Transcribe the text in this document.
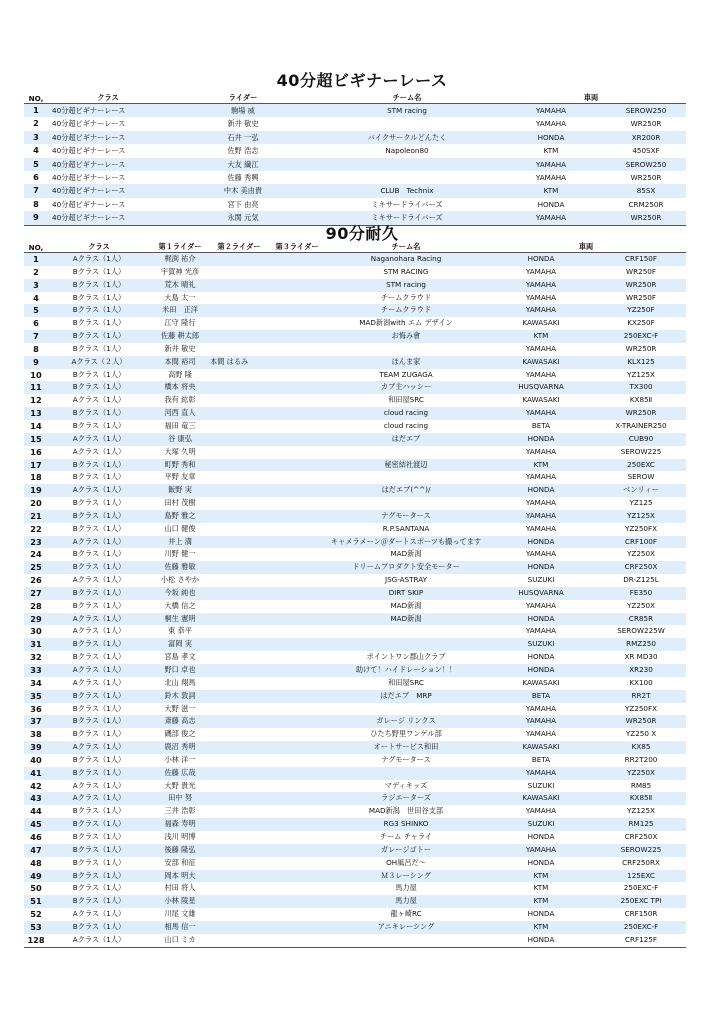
40分超ビギナーレース
NO,	クラス	ライダー	チーム名	車両	
1	40分超ビギナーレース	駒場 威	STM racing	YAMAHA	SEROW250
2	40分超ビギナーレース	新井 敬史		YAMAHA	WR250R
3	40分超ビギナーレース	石井 一弘	バイクサークルどんたく	HONDA	XR200R
4	40分超ビギナーレース	佐野 浩志	Napoleon80	KTM	450SXF
5	40分超ビギナーレース	大友 繊江		YAMAHA	SEROW250
6	40分超ビギナーレース	佐藤 秀興		YAMAHA	WR250R
7	40分超ビギナーレース	中木 美由貴	CLUB　Technix	KTM	85SX
8	40分超ビギナーレース	宮下 由亮	ミキサードライバーズ	HONDA	CRM250R
9	40分超ビギナーレース	永関 元気	ミキサードライバーズ	YAMAHA	WR250R
90分耐久
NO,	クラス	第１ライダー	第２ライダー	第３ライダー	チーム名	車両	
1	Aクラス（1人）	梶渕 祐介			Naganohara Racing	HONDA	CRF150F
2	Bクラス（1人）	宇賀神 光彦			STM RACING	YAMAHA	WR250F
3	Bクラス（1人）	荒木 晴礼			STM racing	YAMAHA	WR250R
4	Bクラス（1人）	大島 太一			チームクラウド	YAMAHA	WR250F
5	Bクラス（1人）	米田　正洋			チームクラウド	YAMAHA	YZ250F
6	Bクラス（1人）	江守 隆行			MAD新潟with エム デザイン	KAWASAKI	KX250F
7	Bクラス（1人）	佐藤 耕太郎			お悔み會	KTM	250EXC-F
8	Bクラス（1人）	新井 敬史				YAMAHA	WR250R
9	Aクラス（２人）	本間 裕司	本間 はるみ		ほんま家	KAWASAKI	KLX125
10	Bクラス（1人）	高野 隆			TEAM ZUGAGA	YAMAHA	YZ125X
11	Bクラス（1人）	橋本 将央			カブ主ハッシー	HUSQVARNA	TX300
12	Aクラス（1人）	我有 紘彰			和田屋SRC	KAWASAKI	KX85Ⅱ
13	Bクラス（1人）	河西 直人			cloud racing	YAMAHA	WR250R
14	Bクラス（1人）	福田 竜三			cloud racing	BETA	X-TRAINER250
15	Aクラス（1人）	谷 康弘			はだエブ	HONDA	CUB90
16	Aクラス（1人）	大塚 久明				YAMAHA	SEROW225
17	Bクラス（1人）	町野 秀和			秘密結社渡辺	KTM	250EXC
18	Bクラス（1人）	平野 友章				YAMAHA	SEROW
19	Aクラス（1人）	飯野 実			はだエブ(^^)/	HONDA	ベンリィー
20	Bクラス（1人）	田村 茂樹				YAMAHA	YZ125
21	Bクラス（1人）	島野 雅之			ナグモータース	YAMAHA	YZ125X
22	Bクラス（1人）	山口 健俊			R.P.SANTANA	YAMAHA	YZ250FX
23	Aクラス（1人）	井上 満			キャメラメーン＠ダートスポーツも撮ってます	HONDA	CRF100F
24	Bクラス（1人）	川野 健一			MAD新潟	YAMAHA	YZ250X
25	Bクラス（1人）	佐藤 雅敏			ドリームプロダクト安全モーター	HONDA	CRF250X
26	Aクラス（1人）	小松 さやか			JSG-ASTRAY	SUZUKI	DR-Z125L
27	Bクラス（1人）	今坂 純也			DIRT SKIP	HUSQVARNA	FE350
28	Bクラス（1人）	大橋 信之			MAD新潟	YAMAHA	YZ250X
29	Aクラス（1人）	桐生 憲明			MAD新潟	HONDA	CR85R
30	Aクラス（1人）	東 恭平				YAMAHA	SEROW225W
31	Bクラス（1人）	富岡 実				SUZUKI	RMZ250
32	Bクラス（1人）	宮島 孝文			ポイントワン郡山クラブ	HONDA	XR MD30
33	Aクラス（1人）	野口 卓也			助けて！ハイドレーション！！	HONDA	XR230
34	Aクラス（1人）	北山 翔馬			和田屋SRC	KAWASAKI	KX100
35	Bクラス（1人）	鈴木 敦詞			はだエブ　MRP	BETA	RR2T
36	Bクラス（1人）	大野 滋一				YAMAHA	YZ250FX
37	Bクラス（1人）	斎藤 高志			ガレージ リンクス	YAMAHA	WR250R
38	Bクラス（1人）	磯部 俊之			ひたち野里ワンゲル部	YAMAHA	YZ250 X
39	Aクラス（1人）	鹿沼 秀明			オートサービス和田	KAWASAKI	KX85
40	Bクラス（1人）	小林 洋一			ナグモータース	BETA	RR2T200
41	Bクラス（1人）	佐藤 広哉				YAMAHA	YZ250X
42	Aクラス（1人）	大野 貴光			マディキッズ	SUZUKI	RM85
43	Aクラス（1人）	田中 努			ラジエーターズ	KAWASAKI	KX85Ⅱ
44	Bクラス（1人）	三井 浩彰			MAD新潟　世田谷支部	YAMAHA	YZ125X
45	Bクラス（1人）	福森 寿明			RG3 SHINKO	SUZUKI	RM125
46	Bクラス（1人）	浅川 明博			チーム チャライ	HONDA	CRF250X
47	Bクラス（1人）	後藤 隆弘			ガレージゴトー	YAMAHA	SEROW225
48	Bクラス（1人）	安部 和征			OH風呂だ～	HONDA	CRF250RX
49	Bクラス（1人）	岡本 明大			Ｍ３レーシング	KTM	125EXC
50	Bクラス（1人）	村田 将人			馬力屋	KTM	250EXC-F
51	Bクラス（1人）	小林 陵星			馬力屋	KTM	250EXC TPI
52	Aクラス（1人）	川尾 文雄			龍ヶ崎RC	HONDA	CRF150R
53	Bクラス（1人）	相馬 信一			アニキレーシング	KTM	250EXC-F
128	Aクラス（1人）	山口 ミカ				HONDA	CRF125F
